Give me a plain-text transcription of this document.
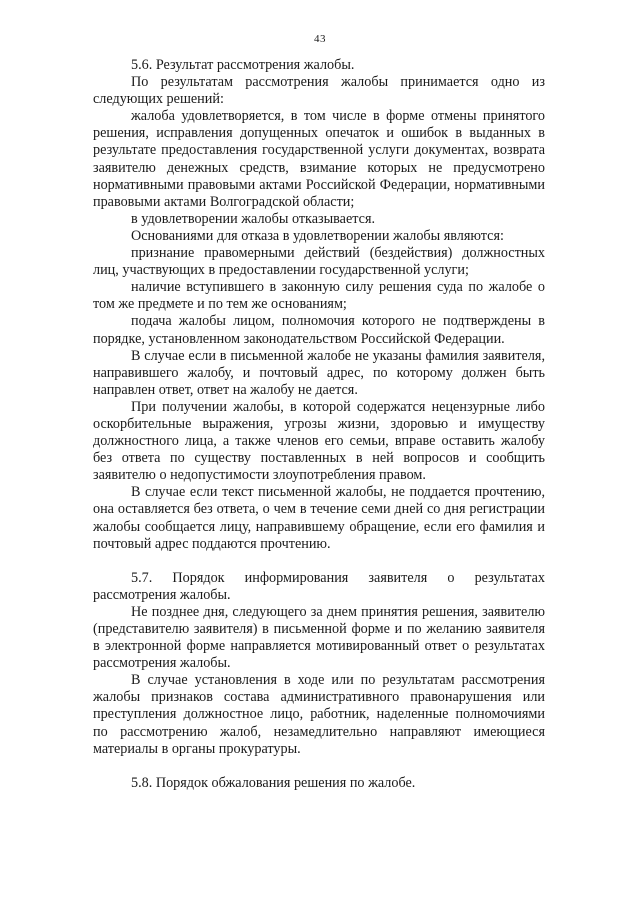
43

5.6. Результат рассмотрения жалобы.

По результатам рассмотрения жалобы принимается одно из следующих решений:

жалоба удовлетворяется, в том числе в форме отмены принятого решения, исправления допущенных опечаток и ошибок в выданных в результате предоставления государственной услуги документах, возврата заявителю денежных средств, взимание которых не предусмотрено нормативными правовыми актами Российской Федерации, нормативными правовыми актами Волгоградской области;

в удовлетворении жалобы отказывается.

Основаниями для отказа в удовлетворении жалобы являются:

признание правомерными действий (бездействия) должностных лиц, участвующих в предоставлении государственной услуги;

наличие вступившего в законную силу решения суда по жалобе о том же предмете и по тем же основаниям;

подача жалобы лицом, полномочия которого не подтверждены в порядке, установленном законодательством Российской Федерации.

В случае если в письменной жалобе не указаны фамилия заявителя, направившего жалобу, и почтовый адрес, по которому должен быть направлен ответ, ответ на жалобу не дается.

При получении жалобы, в которой содержатся нецензурные либо оскорбительные выражения, угрозы жизни, здоровью и имуществу должностного лица, а также членов его семьи, вправе оставить жалобу без ответа по существу поставленных в ней вопросов и сообщить заявителю о недопустимости злоупотребления правом.

В случае если текст письменной жалобы, не поддается прочтению, она оставляется без ответа, о чем в течение семи дней со дня регистрации жалобы сообщается лицу, направившему обращение, если его фамилия и почтовый адрес поддаются прочтению.

5.7. Порядок информирования заявителя о результатах рассмотрения жалобы.

Не позднее дня, следующего за днем принятия решения, заявителю (представителю заявителя) в письменной форме и по желанию заявителя в электронной форме направляется мотивированный ответ о результатах рассмотрения жалобы.

В случае установления в ходе или по результатам рассмотрения жалобы признаков состава административного правонарушения или преступления должностное лицо, работник, наделенные полномочиями по рассмотрению жалоб, незамедлительно направляют имеющиеся материалы в органы прокуратуры.

5.8. Порядок обжалования решения по жалобе.
